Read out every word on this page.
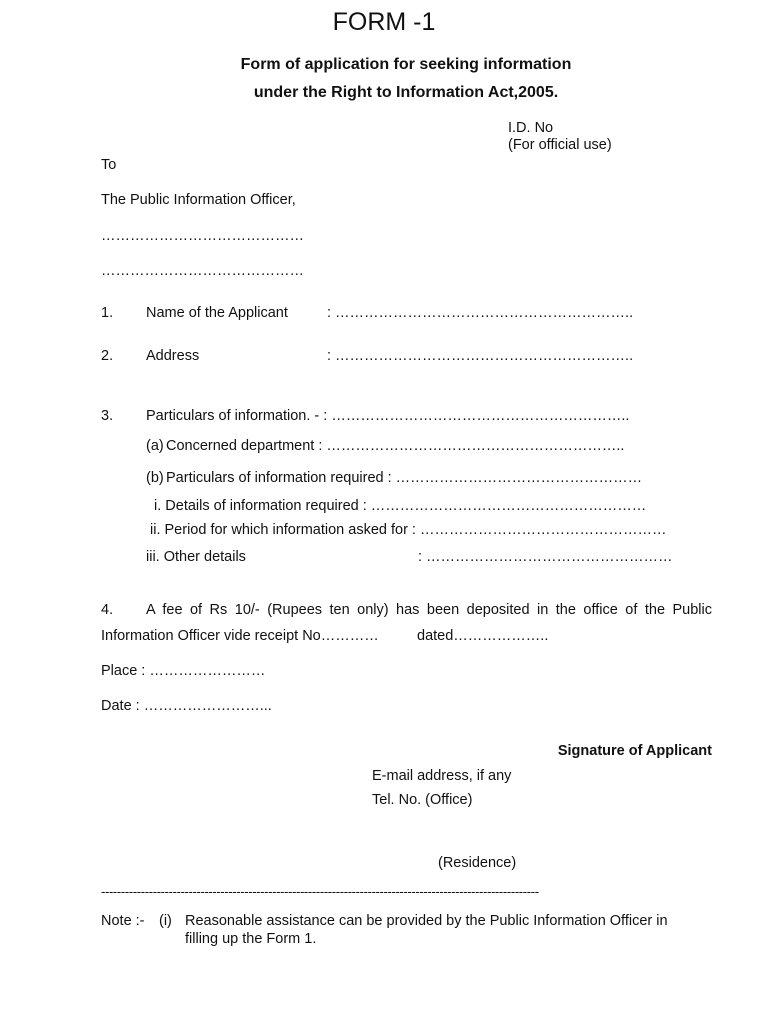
FORM -1
Form of application for seeking information
under the Right to Information Act,2005.
I.D. No
(For official use)
To
The Public Information Officer,
……………………………………
……………………………………
1. Name of the Applicant	: ……………………………………………………..
2. Address	: ……………………………………………………..
3. Particulars of information. - : ……………………………………………………..
(a) Concerned department : ……………………………………………………..
(b) Particulars of information required : ……………………………………………
i. Details of information required : …………………………………………………
ii. Period for which information asked for : ……………………………………………
iii. Other details	: ……………………………………………
4. A fee of Rs 10/- (Rupees ten only) has been deposited in the office of the Public
Information Officer vide receipt No…………	dated………………..
Place : ……………………
Date : ……………………...
Signature of Applicant
E-mail address, if any
Tel. No. (Office)
(Residence)
--------------------------------------------------------------------------------------------------------------
Note :- (i) Reasonable assistance can be provided by the Public Information Officer in
filling up the Form 1.
